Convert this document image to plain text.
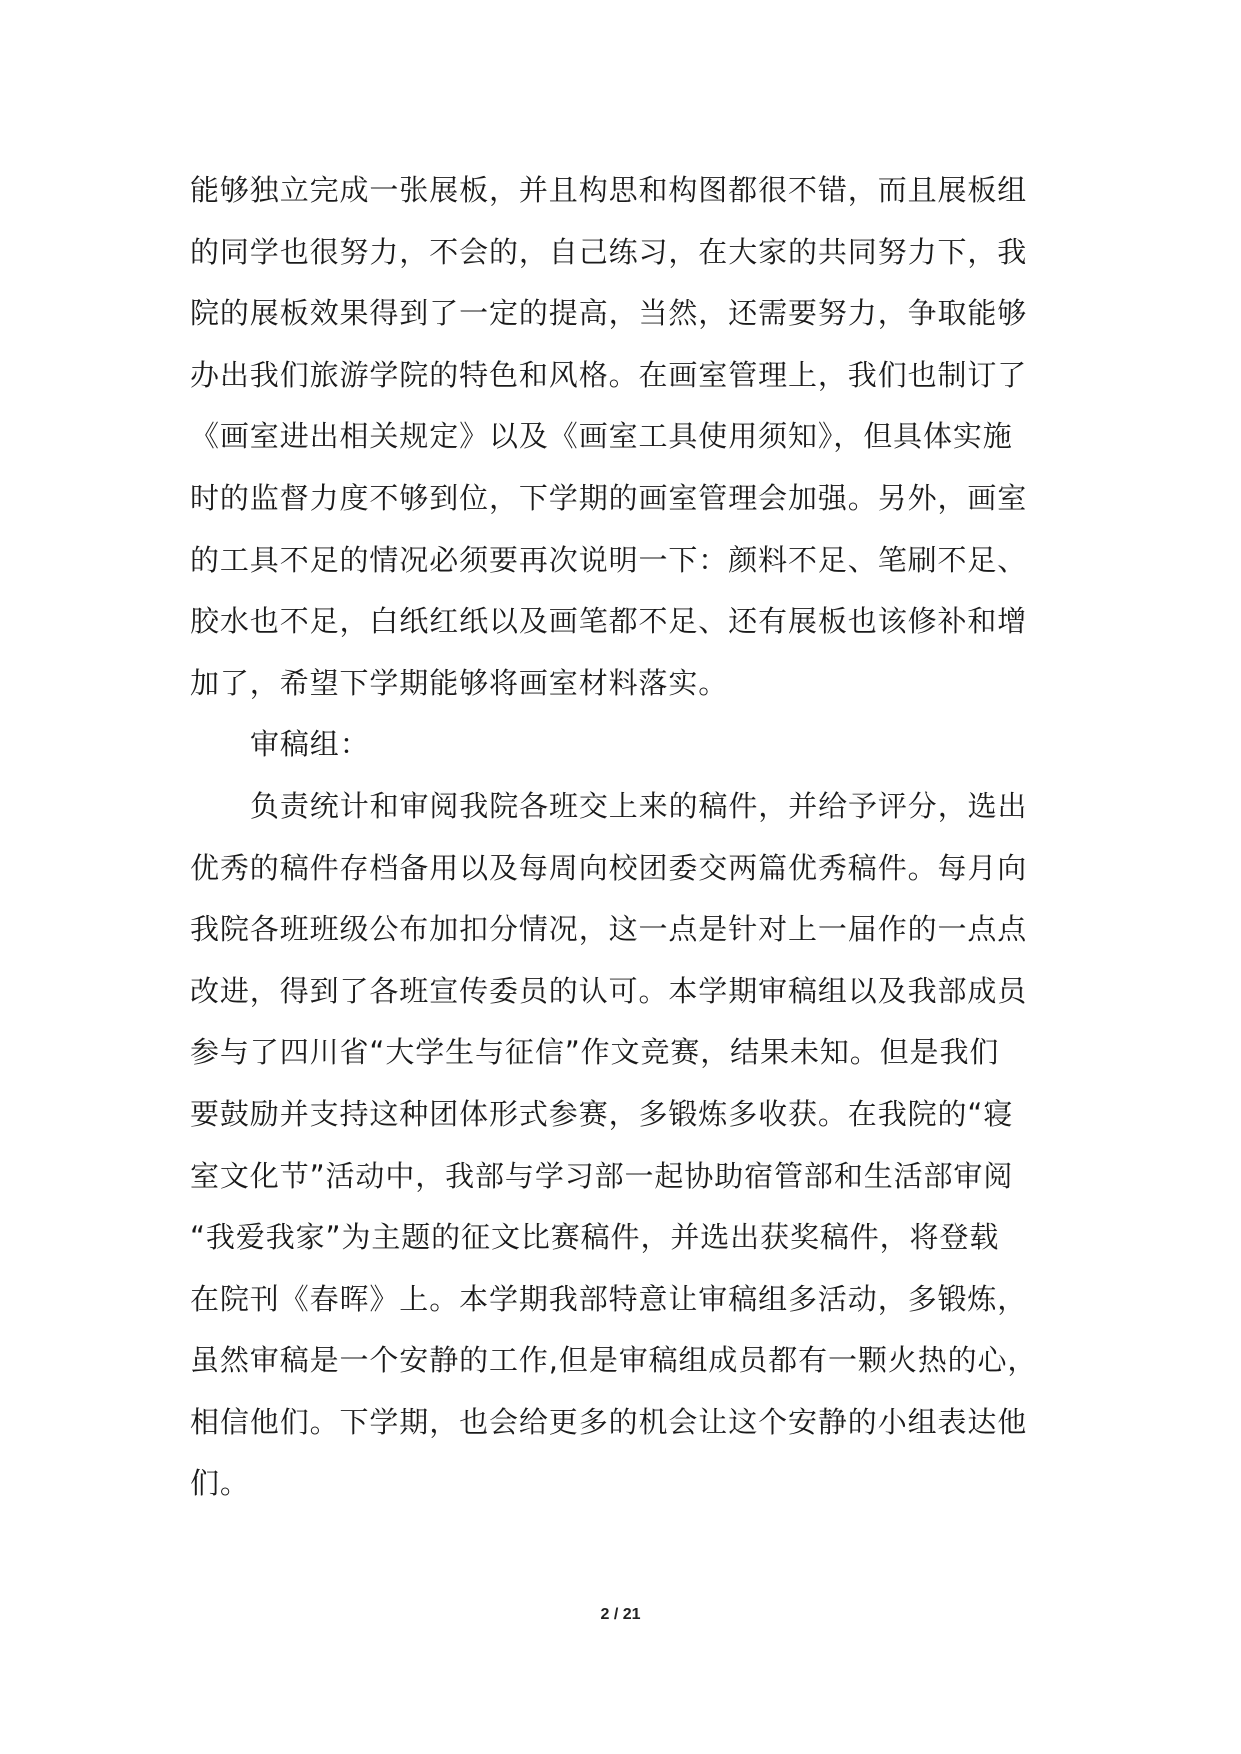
能够独立完成一张展板，并且构思和构图都很不错，而且展板组
的同学也很努力，不会的，自己练习，在大家的共同努力下，我
院的展板效果得到了一定的提高，当然，还需要努力，争取能够
办出我们旅游学院的特色和风格。在画室管理上，我们也制订了
《画室进出相关规定》以及《画室工具使用须知》，但具体实施
时的监督力度不够到位，下学期的画室管理会加强。另外，画室
的工具不足的情况必须要再次说明一下：颜料不足、笔刷不足、
胶水也不足，白纸红纸以及画笔都不足、还有展板也该修补和增
加了，希望下学期能够将画室材料落实。
审稿组：
负责统计和审阅我院各班交上来的稿件，并给予评分，选出
优秀的稿件存档备用以及每周向校团委交两篇优秀稿件。每月向
我院各班班级公布加扣分情况，这一点是针对上一届作的一点点
改进，得到了各班宣传委员的认可。本学期审稿组以及我部成员
参与了四川省“大学生与征信”作文竞赛，结果未知。但是我们
要鼓励并支持这种团体形式参赛，多锻炼多收获。在我院的“寝
室文化节”活动中，我部与学习部一起协助宿管部和生活部审阅
“我爱我家”为主题的征文比赛稿件，并选出获奖稿件，将登载
在院刊《春晖》上。本学期我部特意让审稿组多活动，多锻炼，
虽然审稿是一个安静的工作,但是审稿组成员都有一颗火热的心，
相信他们。下学期，也会给更多的机会让这个安静的小组表达他
们。
2 / 21
